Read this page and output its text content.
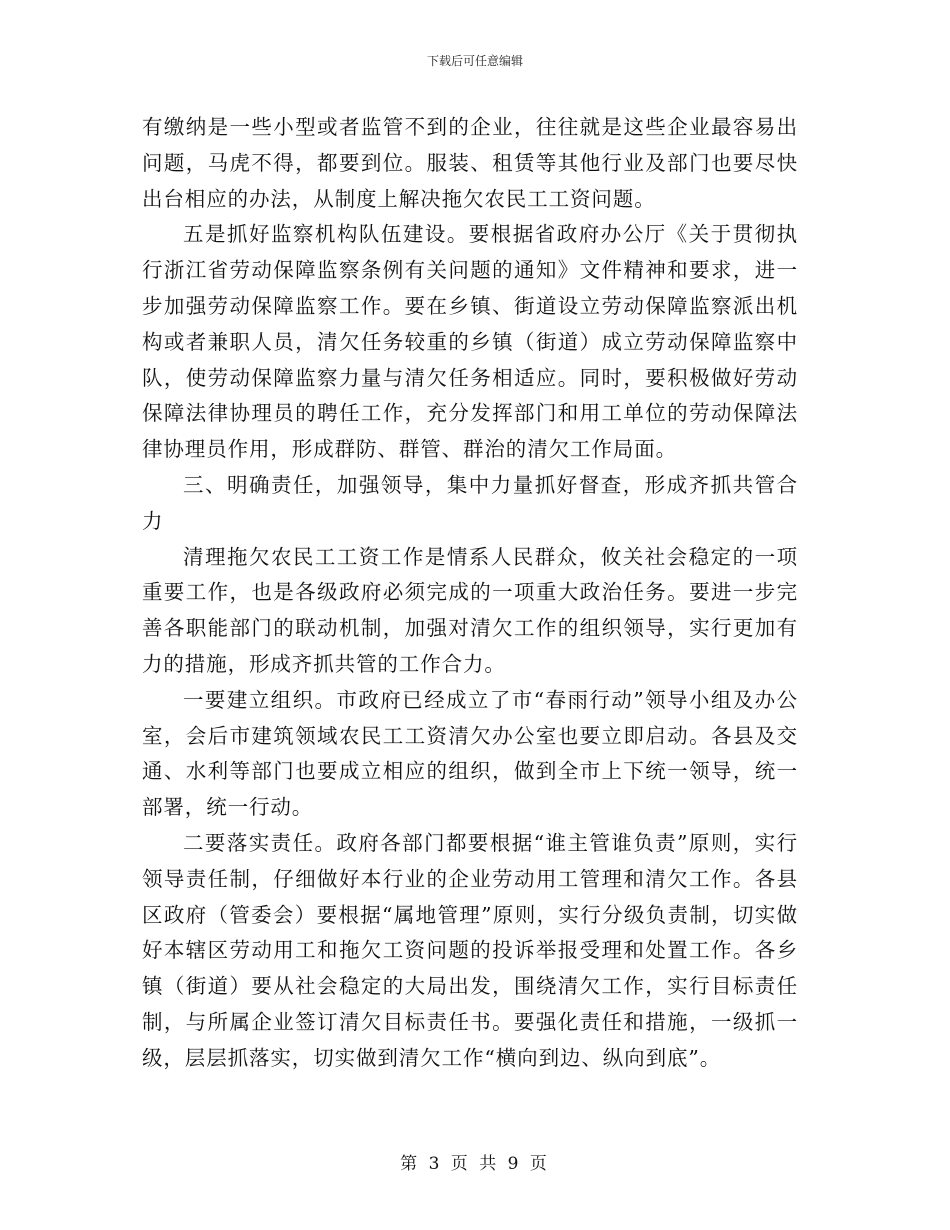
下载后可任意编辑

有缴纳是一些小型或者监管不到的企业，往往就是这些企业最容易出问题，马虎不得，都要到位。服装、租赁等其他行业及部门也要尽快出台相应的办法，从制度上解决拖欠农民工工资问题。

五是抓好监察机构队伍建设。要根据省政府办公厅《关于贯彻执行浙江省劳动保障监察条例有关问题的通知》文件精神和要求，进一步加强劳动保障监察工作。要在乡镇、街道设立劳动保障监察派出机构或者兼职人员，清欠任务较重的乡镇（街道）成立劳动保障监察中队，使劳动保障监察力量与清欠任务相适应。同时，要积极做好劳动保障法律协理员的聘任工作，充分发挥部门和用工单位的劳动保障法律协理员作用，形成群防、群管、群治的清欠工作局面。

三、明确责任，加强领导，集中力量抓好督查，形成齐抓共管合力

清理拖欠农民工工资工作是情系人民群众，攸关社会稳定的一项重要工作，也是各级政府必须完成的一项重大政治任务。要进一步完善各职能部门的联动机制，加强对清欠工作的组织领导，实行更加有力的措施，形成齐抓共管的工作合力。

一要建立组织。市政府已经成立了市“春雨行动”领导小组及办公室，会后市建筑领域农民工工资清欠办公室也要立即启动。各县及交通、水利等部门也要成立相应的组织，做到全市上下统一领导，统一部署，统一行动。

二要落实责任。政府各部门都要根据“谁主管谁负责”原则，实行领导责任制，仔细做好本行业的企业劳动用工管理和清欠工作。各县区政府（管委会）要根据“属地管理”原则，实行分级负责制，切实做好本辖区劳动用工和拖欠工资问题的投诉举报受理和处置工作。各乡镇（街道）要从社会稳定的大局出发，围绕清欠工作，实行目标责任制，与所属企业签订清欠目标责任书。要强化责任和措施，一级抓一级，层层抓落实，切实做到清欠工作“横向到边、纵向到底”。

第 3 页 共 9 页
